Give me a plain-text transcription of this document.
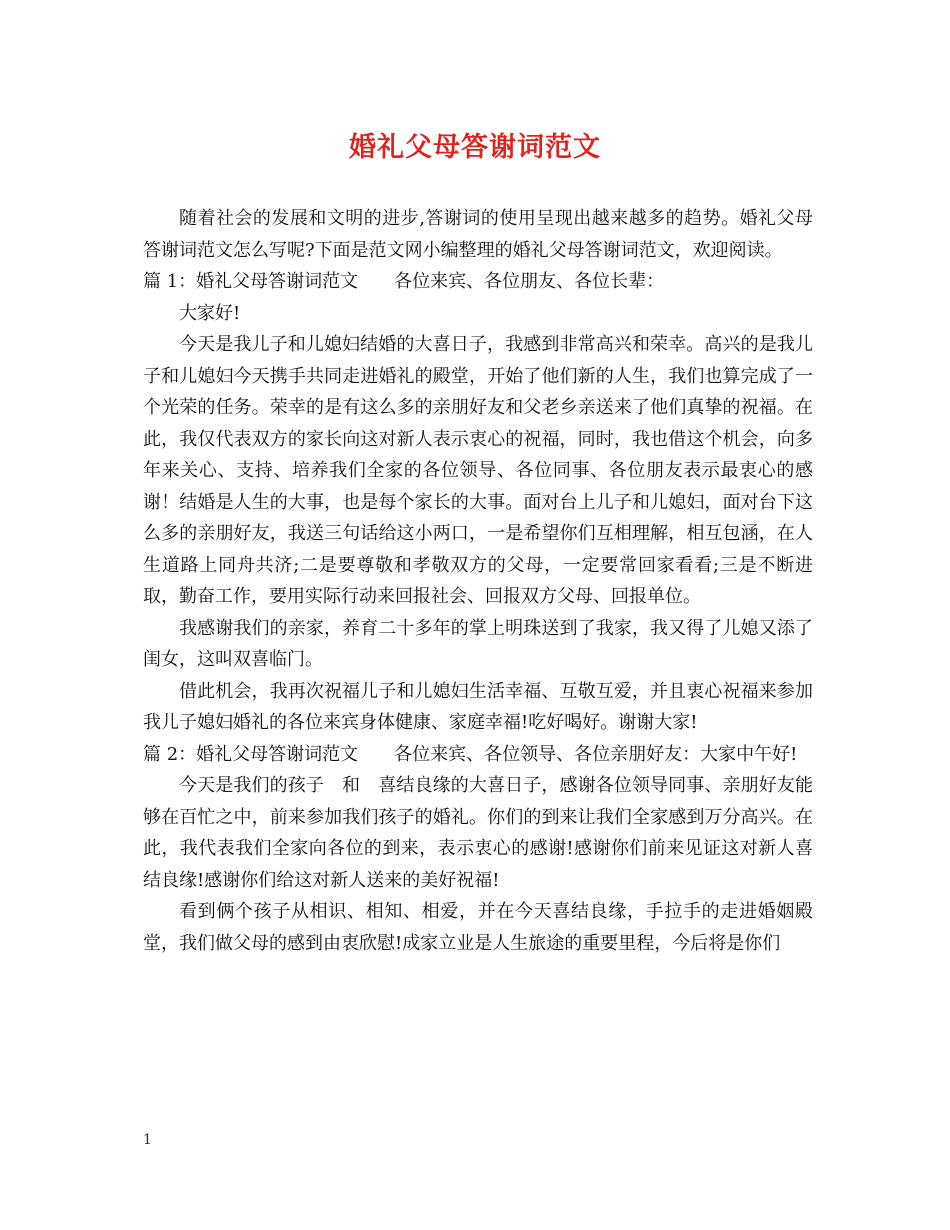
婚礼父母答谢词范文

随着社会的发展和文明的进步,答谢词的使用呈现出越来越多的趋势。婚礼父母答谢词范文怎么写呢?下面是范文网小编整理的婚礼父母答谢词范文，欢迎阅读。

篇 1：婚礼父母答谢词范文　　各位来宾、各位朋友、各位长辈：

大家好!

今天是我儿子和儿媳妇结婚的大喜日子，我感到非常高兴和荣幸。高兴的是我儿子和儿媳妇今天携手共同走进婚礼的殿堂，开始了他们新的人生，我们也算完成了一个光荣的任务。荣幸的是有这么多的亲朋好友和父老乡亲送来了他们真挚的祝福。在此，我仅代表双方的家长向这对新人表示衷心的祝福，同时，我也借这个机会，向多年来关心、支持、培养我们全家的各位领导、各位同事、各位朋友表示最衷心的感谢！结婚是人生的大事，也是每个家长的大事。面对台上儿子和儿媳妇，面对台下这么多的亲朋好友，我送三句话给这小两口，一是希望你们互相理解，相互包涵，在人生道路上同舟共济;二是要尊敬和孝敬双方的父母，一定要常回家看看;三是不断进取，勤奋工作，要用实际行动来回报社会、回报双方父母、回报单位。

我感谢我们的亲家，养育二十多年的掌上明珠送到了我家，我又得了儿媳又添了闺女，这叫双喜临门。

借此机会，我再次祝福儿子和儿媳妇生活幸福、互敬互爱，并且衷心祝福来参加我儿子媳妇婚礼的各位来宾身体健康、家庭幸福!吃好喝好。谢谢大家!

篇 2：婚礼父母答谢词范文　　各位来宾、各位领导、各位亲朋好友：大家中午好!

今天是我们的孩子　和　喜结良缘的大喜日子，感谢各位领导同事、亲朋好友能够在百忙之中，前来参加我们孩子的婚礼。你们的到来让我们全家感到万分高兴。在此，我代表我们全家向各位的到来，表示衷心的感谢!感谢你们前来见证这对新人喜结良缘!感谢你们给这对新人送来的美好祝福!

看到俩个孩子从相识、相知、相爱，并在今天喜结良缘，手拉手的走进婚姻殿堂，我们做父母的感到由衷欣慰!成家立业是人生旅途的重要里程，今后将是你们

1
